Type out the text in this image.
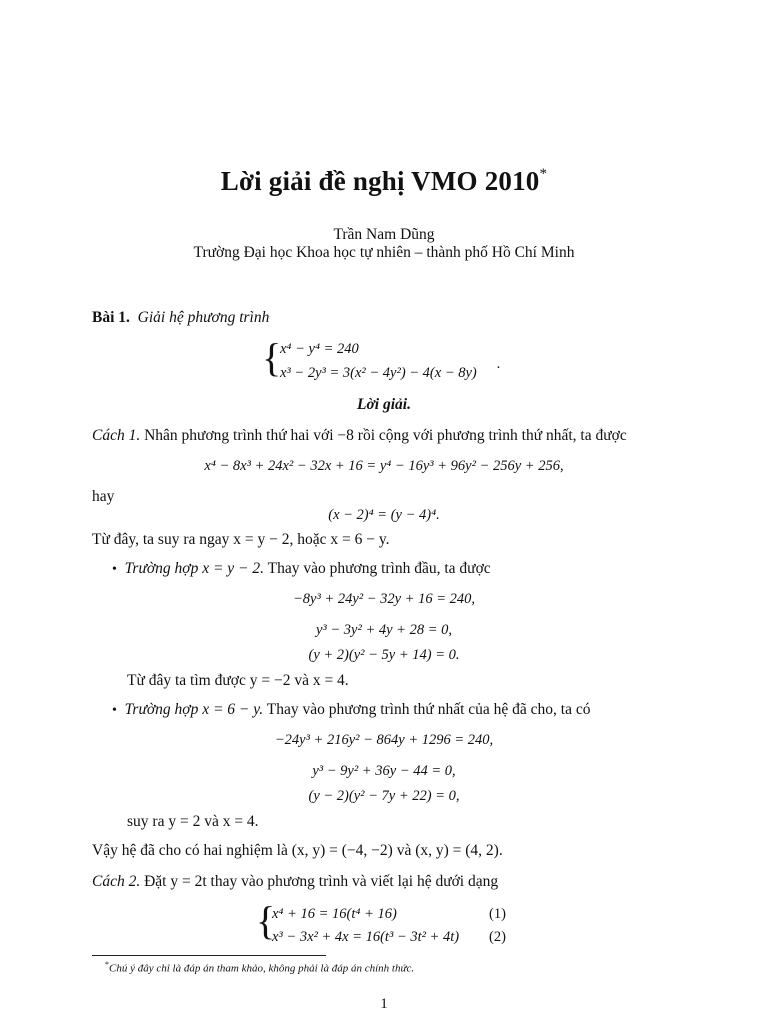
Lời giải đề nghị VMO 2010*
Trần Nam Dũng
Trường Đại học Khoa học tự nhiên – thành phố Hồ Chí Minh
Bài 1. Giải hệ phương trình
{
x⁴ − y⁴ = 240
x³ − 2y³ = 3(x² − 4y²) − 4(x − 8y)
.
Lời giải.
Cách 1. Nhân phương trình thứ hai với −8 rồi cộng với phương trình thứ nhất, ta được
x⁴ − 8x³ + 24x² − 32x + 16 = y⁴ − 16y³ + 96y² − 256y + 256,
hay
(x − 2)⁴ = (y − 4)⁴.
Từ đây, ta suy ra ngay x = y − 2, hoặc x = 6 − y.
• Trường hợp x = y − 2. Thay vào phương trình đầu, ta được
−8y³ + 24y² − 32y + 16 = 240,
y³ − 3y² + 4y + 28 = 0,
(y + 2)(y² − 5y + 14) = 0.
Từ đây ta tìm được y = −2 và x = 4.
• Trường hợp x = 6 − y. Thay vào phương trình thứ nhất của hệ đã cho, ta có
−24y³ + 216y² − 864y + 1296 = 240,
y³ − 9y² + 36y − 44 = 0,
(y − 2)(y² − 7y + 22) = 0,
suy ra y = 2 và x = 4.
Vậy hệ đã cho có hai nghiệm là (x, y) = (−4, −2) và (x, y) = (4, 2).
Cách 2. Đặt y = 2t thay vào phương trình và viết lại hệ dưới dạng
{
x⁴ + 16 = 16(t⁴ + 16)
x³ − 3x² + 4x = 16(t³ − 3t² + 4t)
(1)
(2)
*Chú ý đây chỉ là đáp án tham khảo, không phải là đáp án chính thức.
1
